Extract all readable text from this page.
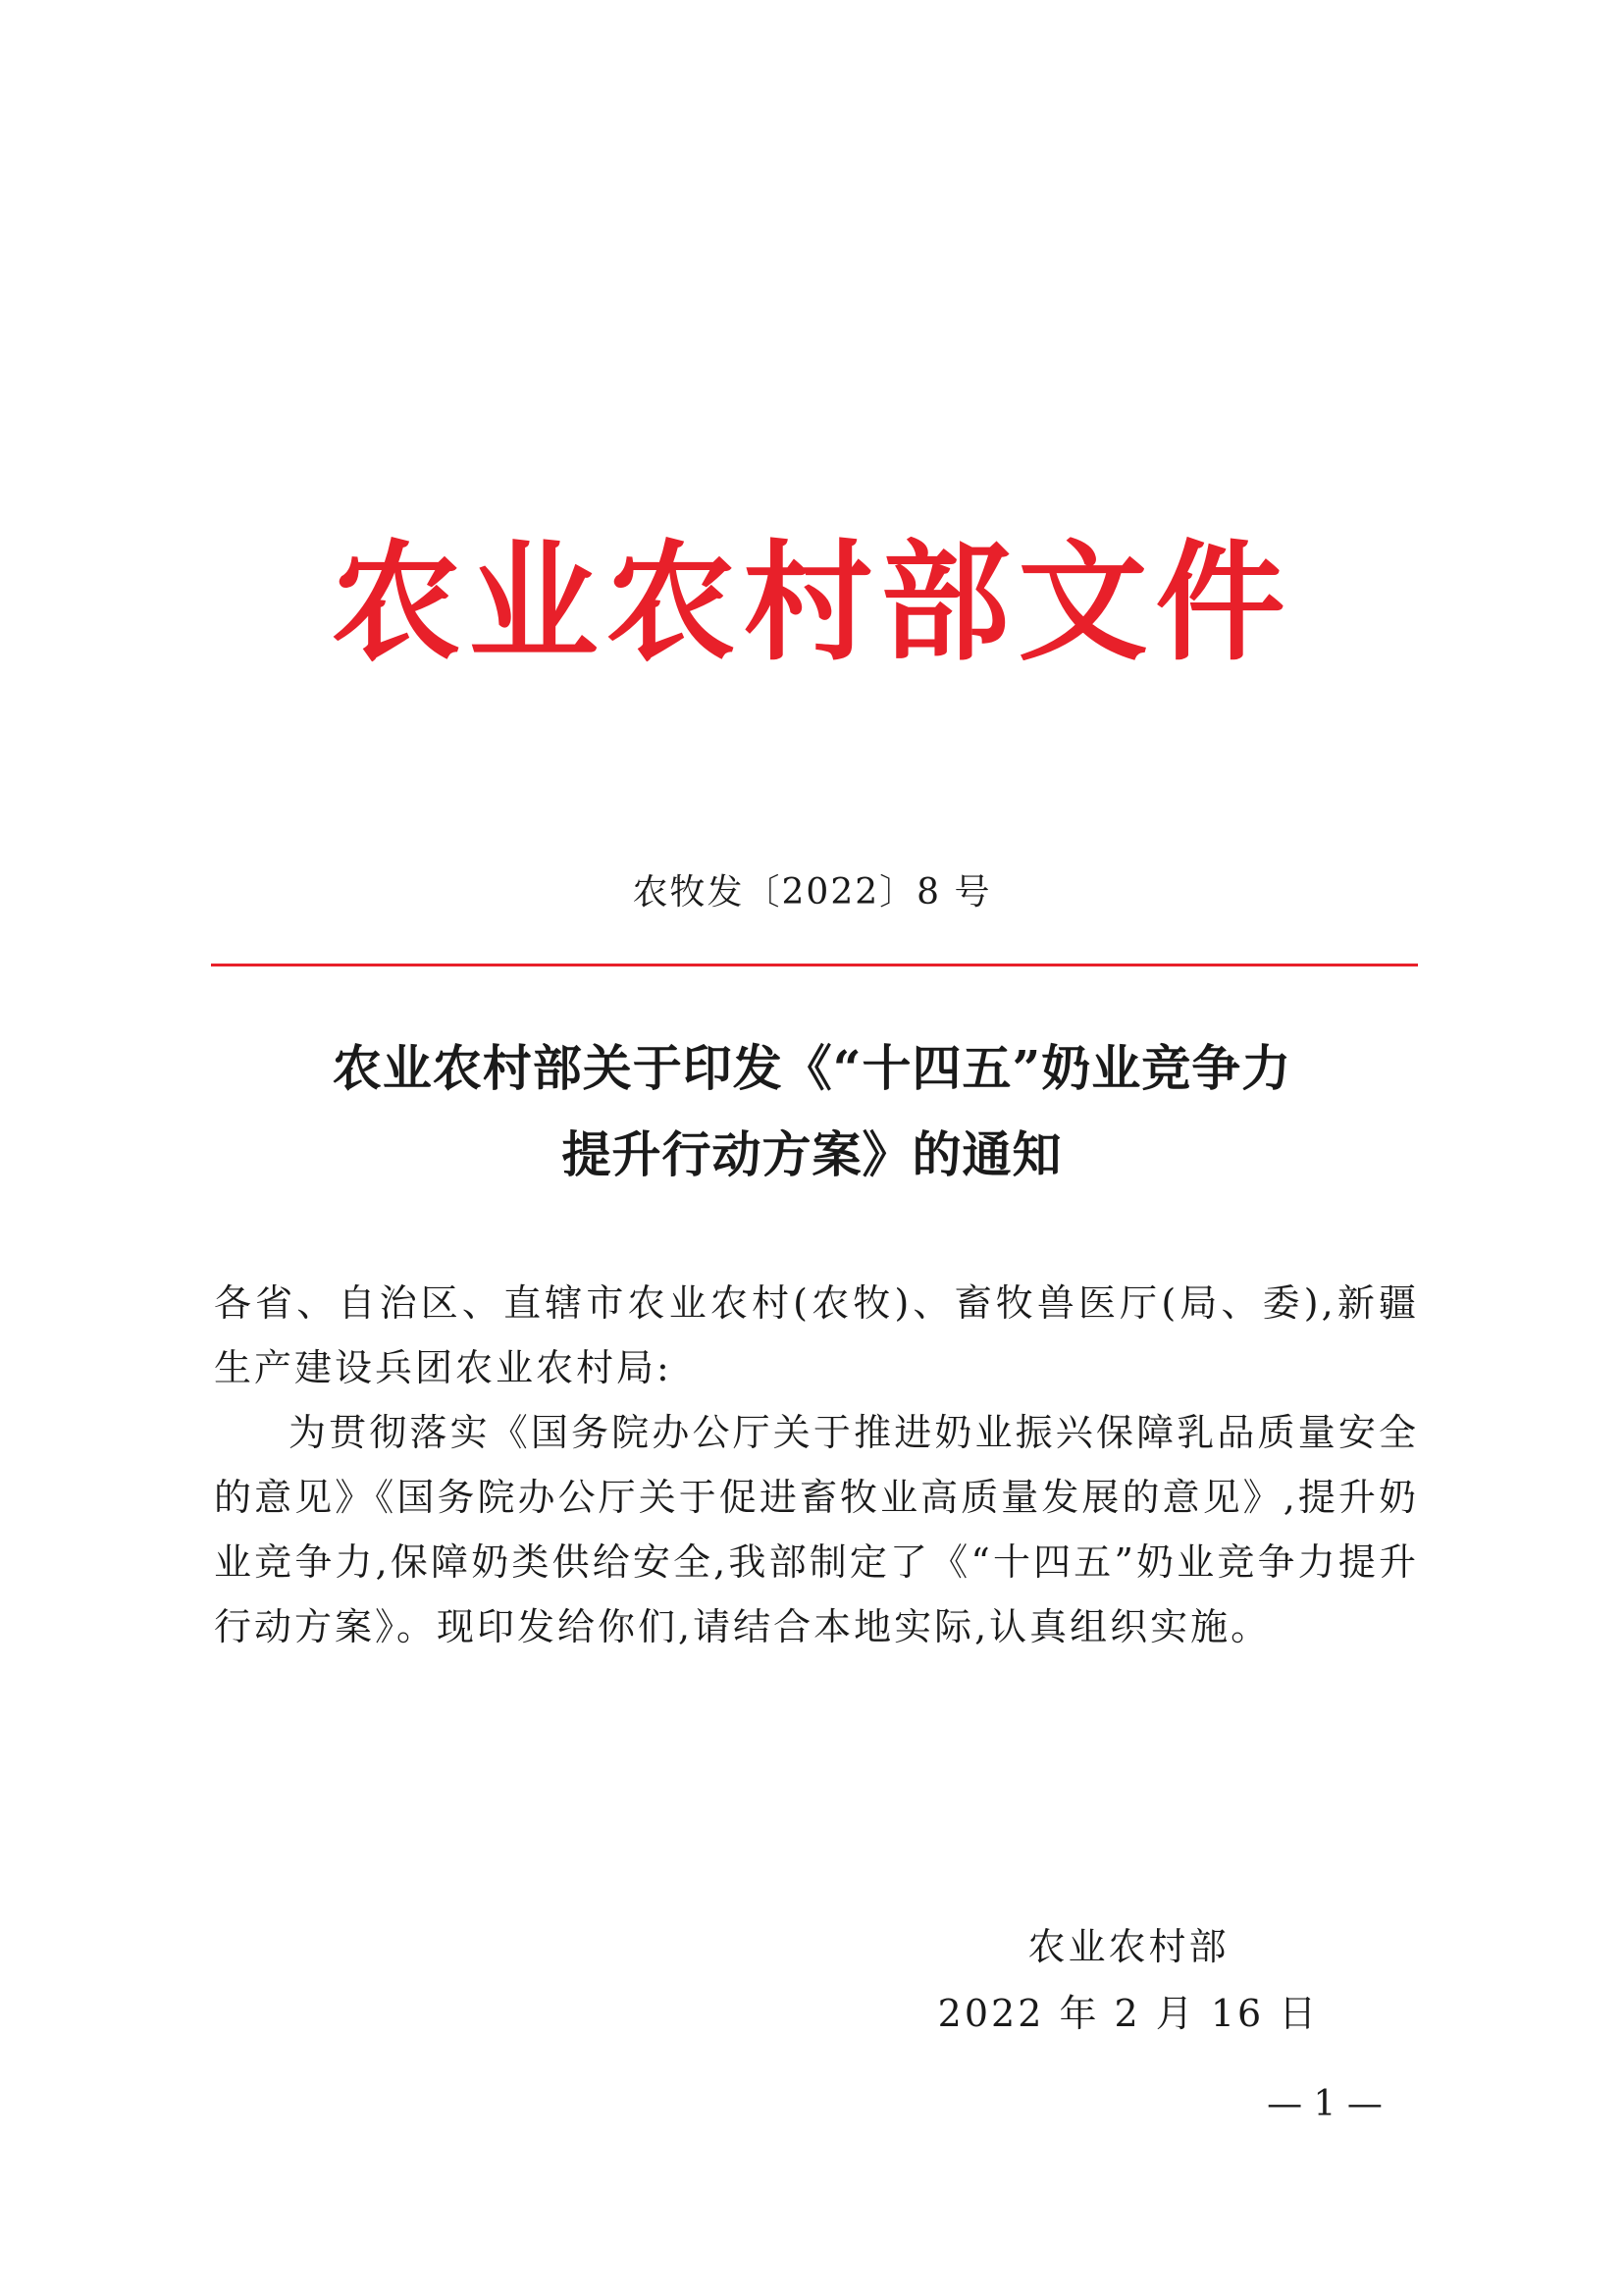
农业农村部文件
农牧发〔2022〕8 号
农业农村部关于印发《“十四五”奶业竞争力
提升行动方案》的通知

各省、自治区、直辖市农业农村(农牧)、畜牧兽医厅(局、委),新疆生产建设兵团农业农村局:

为贯彻落实《国务院办公厅关于推进奶业振兴保障乳品质量安全的意见》《国务院办公厅关于促进畜牧业高质量发展的意见》,提升奶业竞争力,保障奶类供给安全,我部制定了《“十四五”奶业竞争力提升行动方案》。现印发给你们,请结合本地实际,认真组织实施。

农业农村部
2022 年 2 月 16 日
— 1 —
